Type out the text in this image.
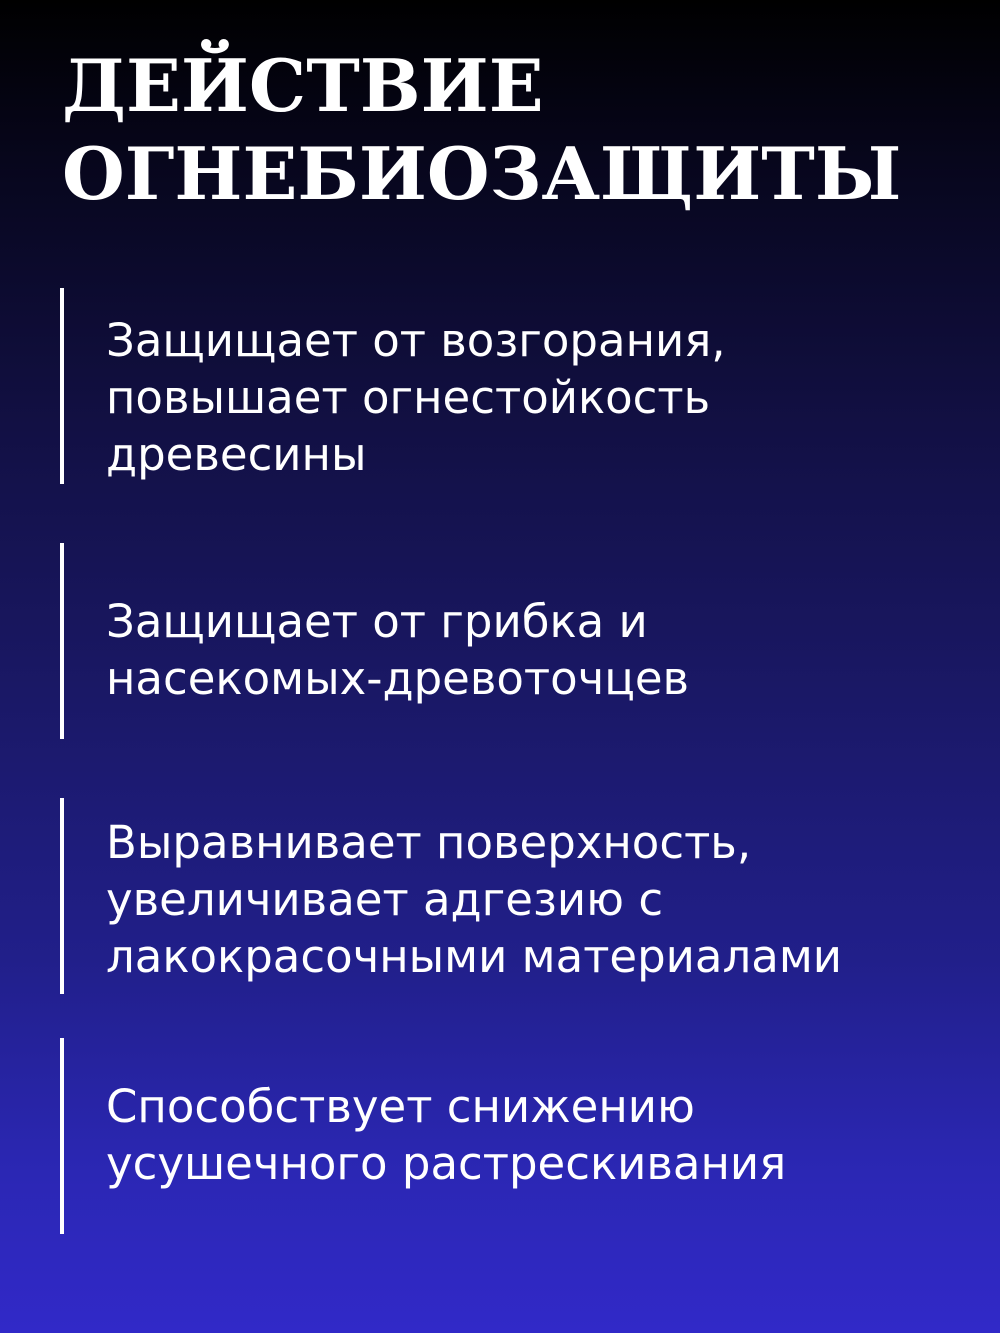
ДЕЙСТВИЕ
ОГНЕБИОЗАЩИТЫ
Защищает от возгорания,
повышает огнестойкость
древесины
Защищает от грибка и
насекомых-древоточцев
Выравнивает поверхность,
увеличивает адгезию с
лакокрасочными материалами
Способствует снижению
усушечного растрескивания
